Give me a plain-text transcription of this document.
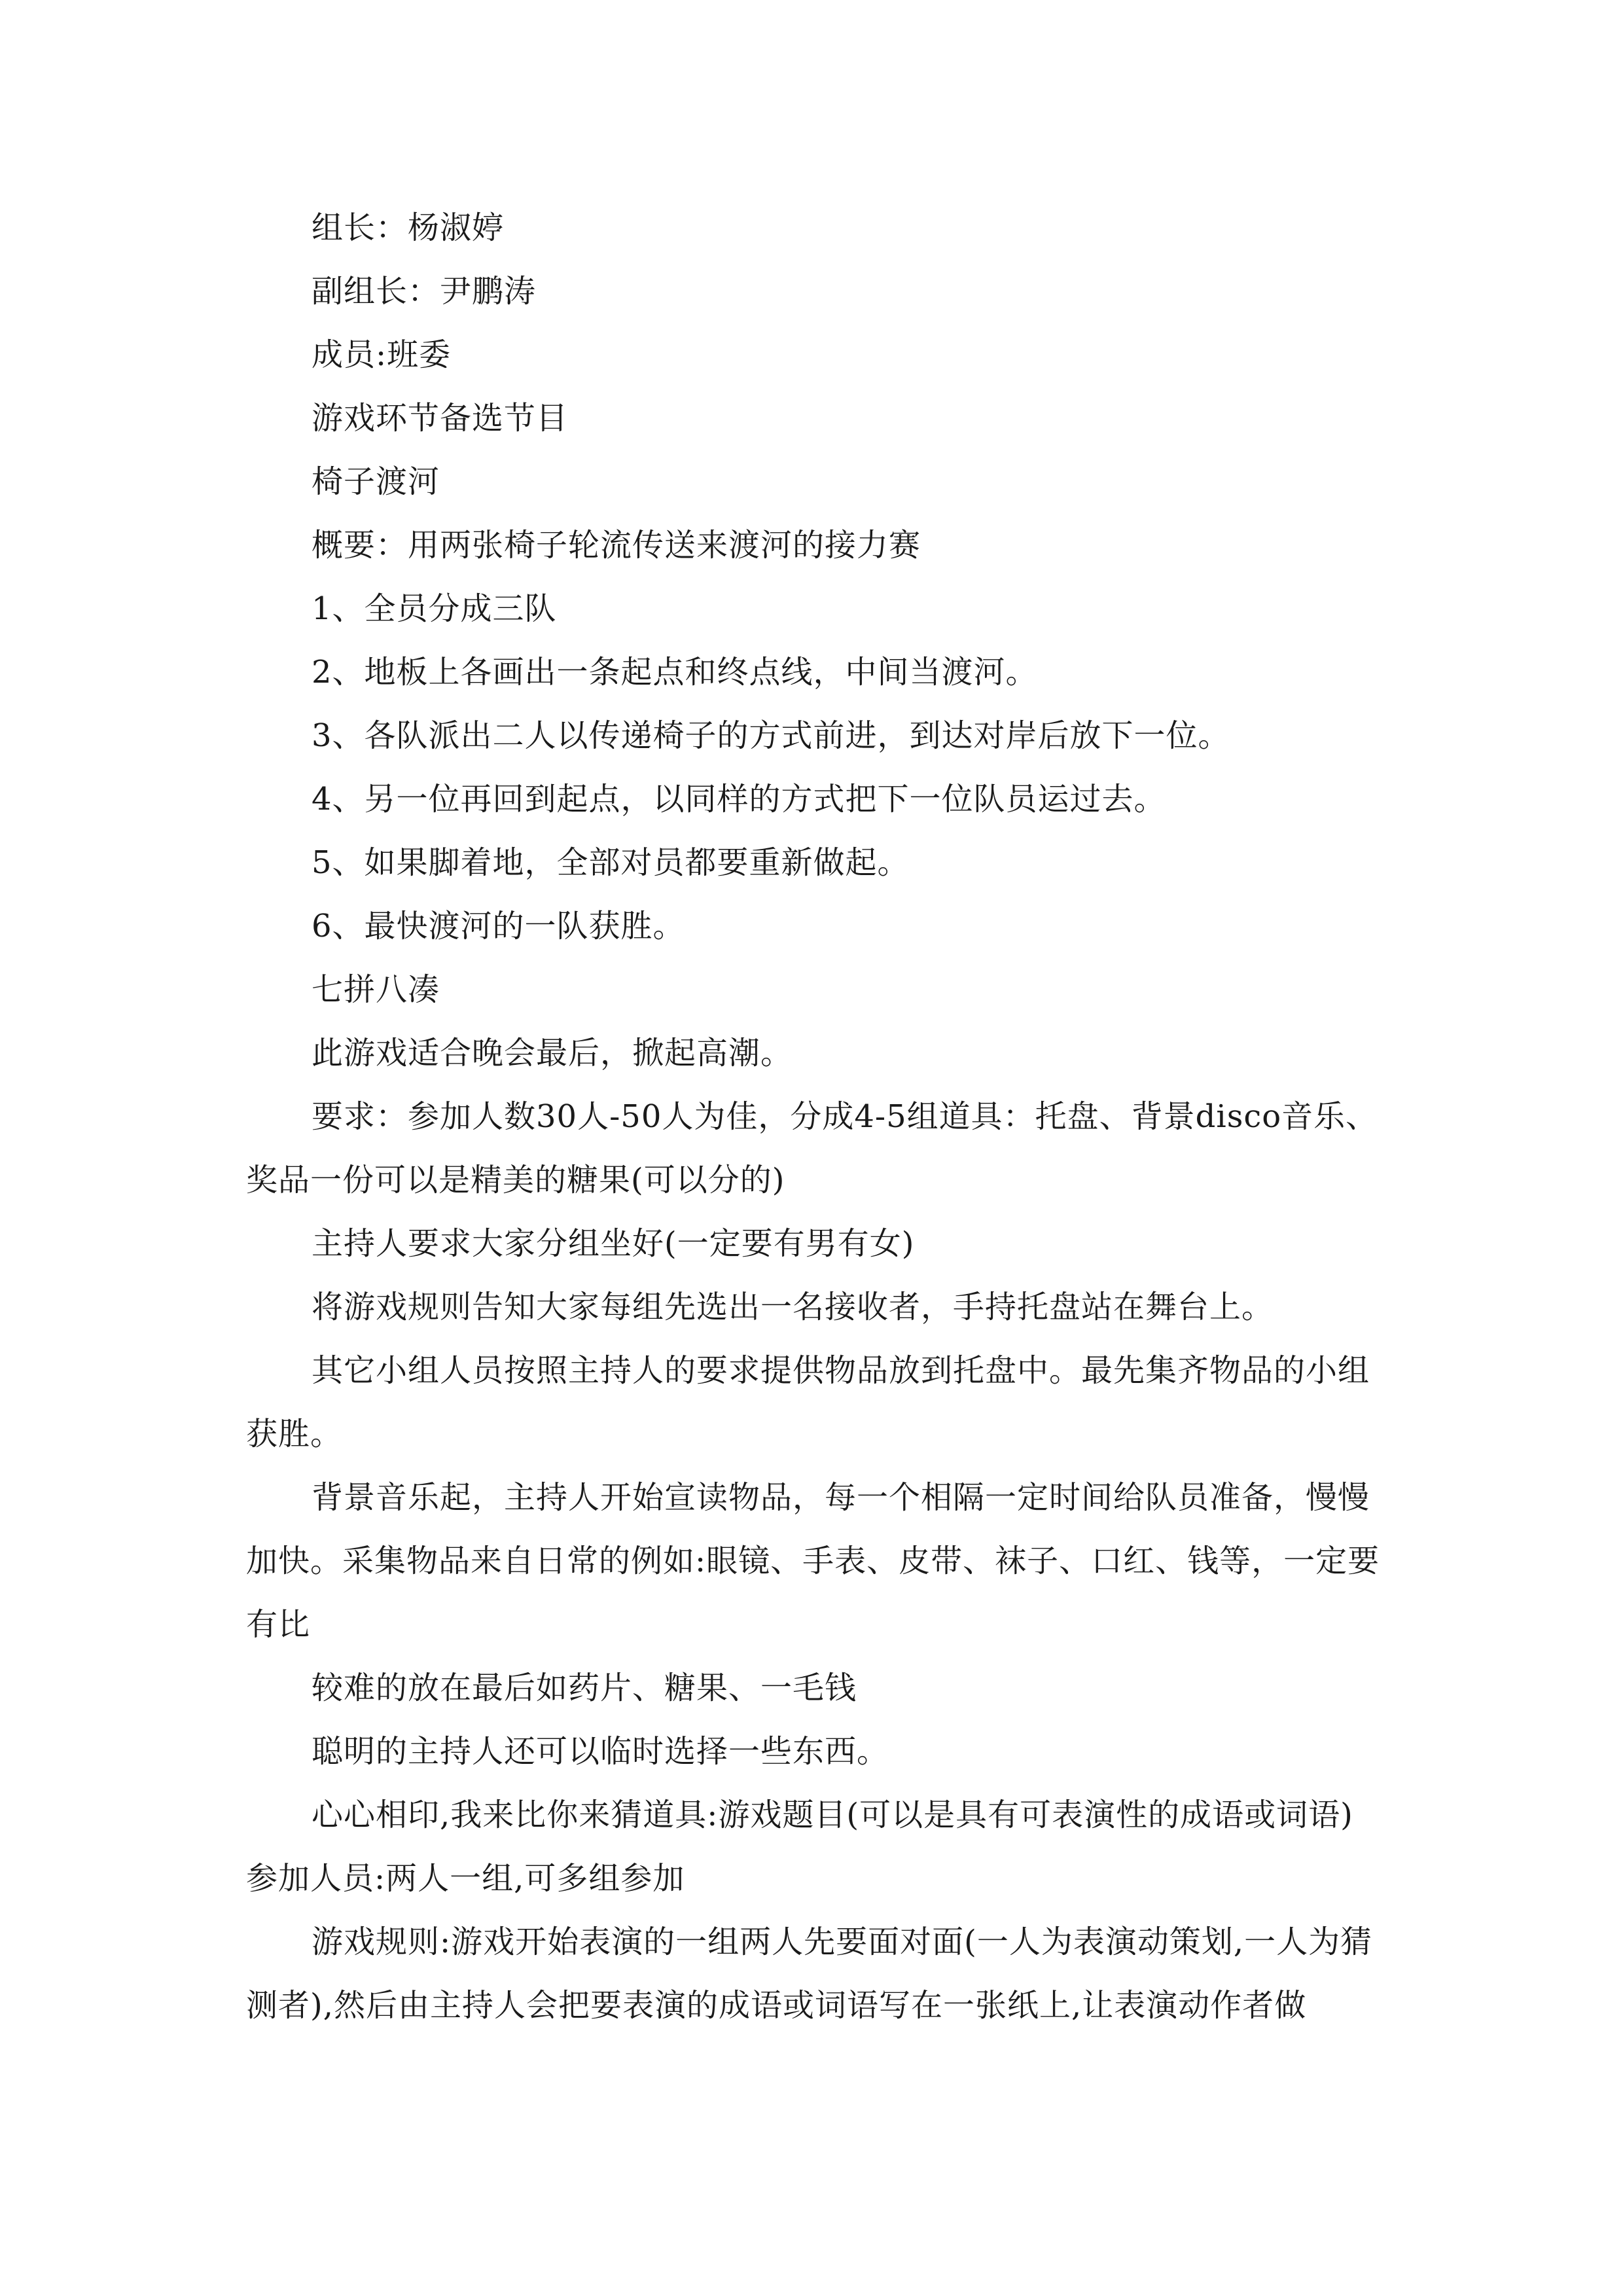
组长：杨淑婷

副组长：尹鹏涛

成员:班委

游戏环节备选节目

椅子渡河

概要：用两张椅子轮流传送来渡河的接力赛

1、全员分成三队

2、地板上各画出一条起点和终点线，中间当渡河。

3、各队派出二人以传递椅子的方式前进，到达对岸后放下一位。

4、另一位再回到起点，以同样的方式把下一位队员运过去。

5、如果脚着地，全部对员都要重新做起。

6、最快渡河的一队获胜。

七拼八凑

此游戏适合晚会最后，掀起高潮。

要求：参加人数30人-50人为佳，分成4-5组道具：托盘、背景disco音乐、奖品一份可以是精美的糖果(可以分的)

主持人要求大家分组坐好(一定要有男有女)

将游戏规则告知大家每组先选出一名接收者，手持托盘站在舞台上。

其它小组人员按照主持人的要求提供物品放到托盘中。最先集齐物品的小组获胜。

背景音乐起，主持人开始宣读物品，每一个相隔一定时间给队员准备，慢慢加快。采集物品来自日常的例如:眼镜、手表、皮带、袜子、口红、钱等，一定要有比

较难的放在最后如药片、糖果、一毛钱

聪明的主持人还可以临时选择一些东西。

心心相印,我来比你来猜道具:游戏题目(可以是具有可表演性的成语或词语)参加人员:两人一组,可多组参加

游戏规则:游戏开始表演的一组两人先要面对面(一人为表演动策划,一人为猜测者),然后由主持人会把要表演的成语或词语写在一张纸上,让表演动作者做
